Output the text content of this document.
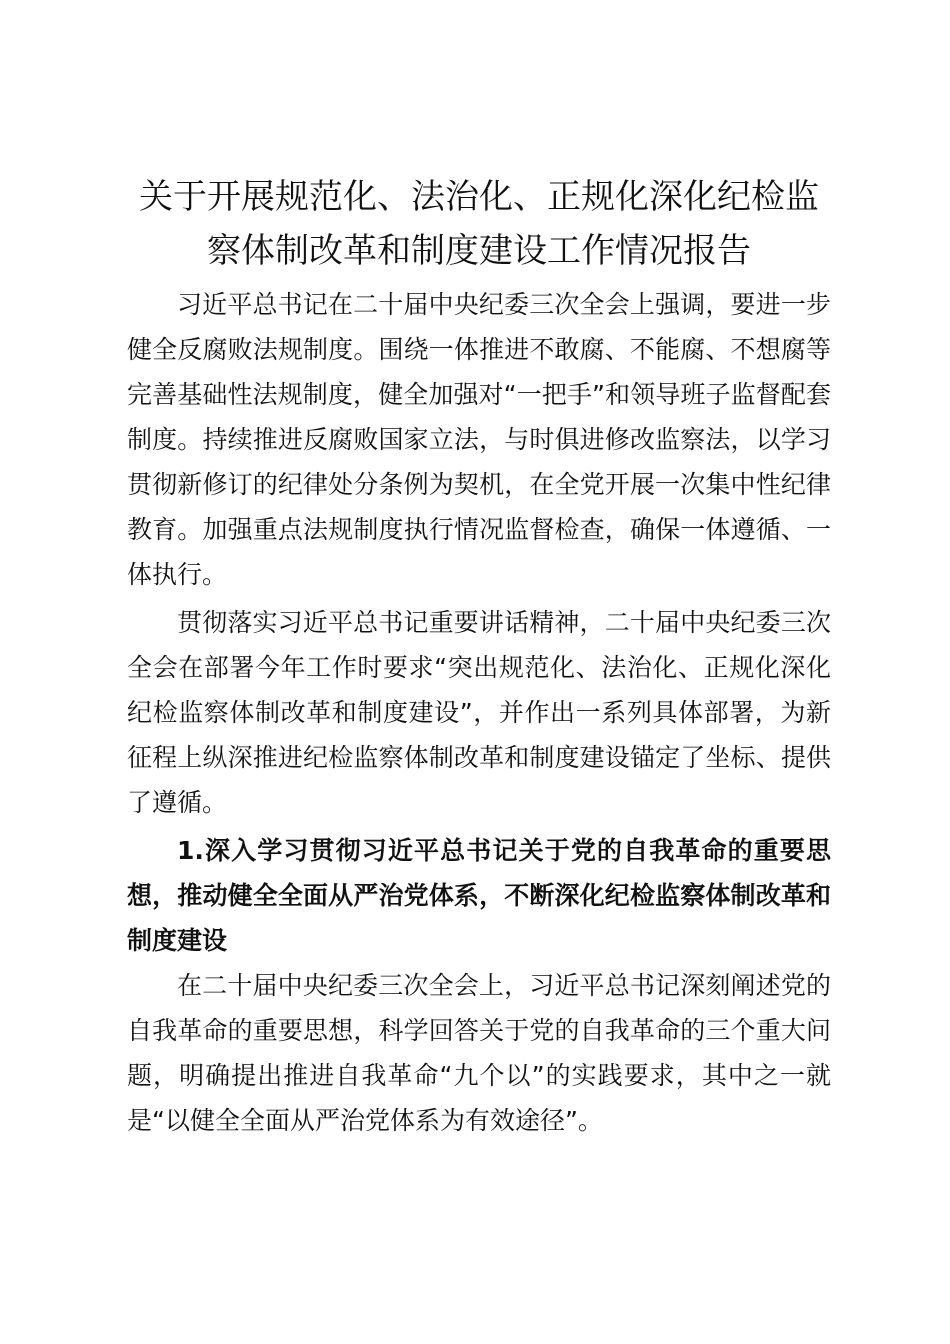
关于开展规范化、法治化、正规化深化纪检监察体制改革和制度建设工作情况报告

习近平总书记在二十届中央纪委三次全会上强调，要进一步健全反腐败法规制度。围绕一体推进不敢腐、不能腐、不想腐等完善基础性法规制度，健全加强对“一把手”和领导班子监督配套制度。持续推进反腐败国家立法，与时俱进修改监察法，以学习贯彻新修订的纪律处分条例为契机，在全党开展一次集中性纪律教育。加强重点法规制度执行情况监督检查，确保一体遵循、一体执行。

贯彻落实习近平总书记重要讲话精神，二十届中央纪委三次全会在部署今年工作时要求“突出规范化、法治化、正规化深化纪检监察体制改革和制度建设”，并作出一系列具体部署，为新征程上纵深推进纪检监察体制改革和制度建设锚定了坐标、提供了遵循。

1.深入学习贯彻习近平总书记关于党的自我革命的重要思想，推动健全全面从严治党体系，不断深化纪检监察体制改革和制度建设

在二十届中央纪委三次全会上，习近平总书记深刻阐述党的自我革命的重要思想，科学回答关于党的自我革命的三个重大问题，明确提出推进自我革命“九个以”的实践要求，其中之一就是“以健全全面从严治党体系为有效途径”。
